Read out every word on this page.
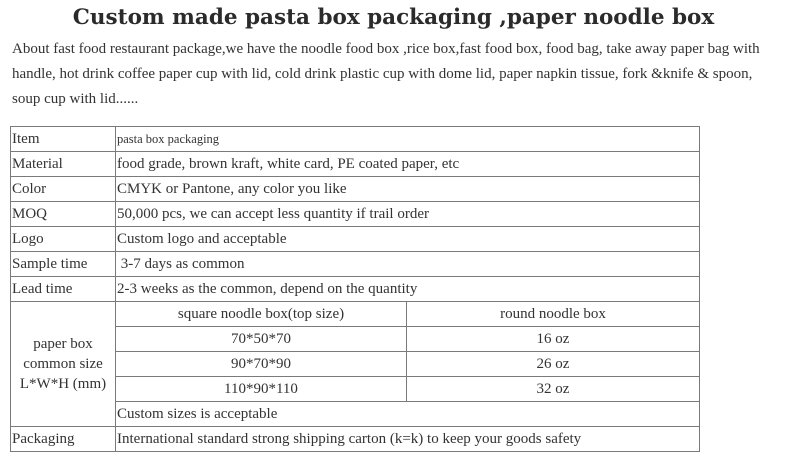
Custom made pasta box packaging ,paper noodle box

About fast food restaurant package,we have the noodle food box ,rice box,fast food box, food bag, take away paper bag with handle, hot drink coffee paper cup with lid, cold drink plastic cup with dome lid, paper napkin tissue, fork &knife & spoon, soup cup with lid......

Item	pasta box packaging	
Material	food grade, brown kraft, white card, PE coated paper, etc	
Color	CMYK or Pantone, any color you like	
MOQ	50,000 pcs, we can accept less quantity if trail order	
Logo	Custom logo and acceptable	
Sample time	3-7 days as common	
Lead time	2-3 weeks as the common, depend on the quantity	

paper box
common size
L*W*H (mm)	square noodle box(top size)	round noodle box
	70*50*70	16 oz
	90*70*90	26 oz
	110*90*110	32 oz
	Custom sizes is acceptable	
Packaging	International standard strong shipping carton (k=k) to keep your goods safety	
